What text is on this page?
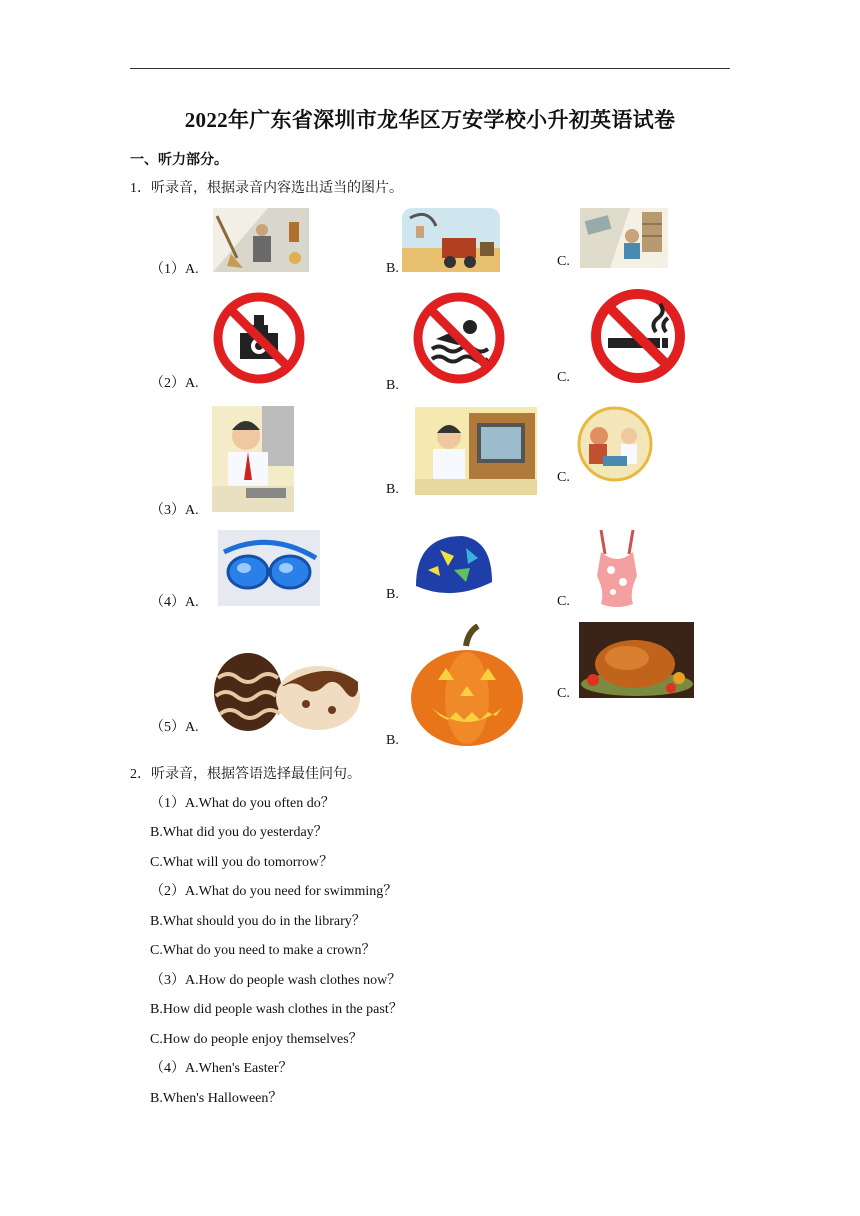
2022年广东省深圳市龙华区万安学校小升初英语试卷
一、听力部分。
1．听录音，根据录音内容选出适当的图片。
（1）A.	B.	C.
（2）A.	B.
C.
（3）A.
B.
C.
（4）A.
B.	C.
（5）A.
B.
C.
2．听录音，根据答语选择最佳问句。
（1）A.What do you often do？
B.What did you do yesterday？
C.What will you do tomorrow？
（2）A.What do you need for swimming？
B.What should you do in the library？
C.What do you need to make a crown？
（3）A.How do people wash clothes now？
B.How did people wash clothes in the past？
C.How do people enjoy themselves？
（4）A.When's Easter？
B.When's Halloween？
